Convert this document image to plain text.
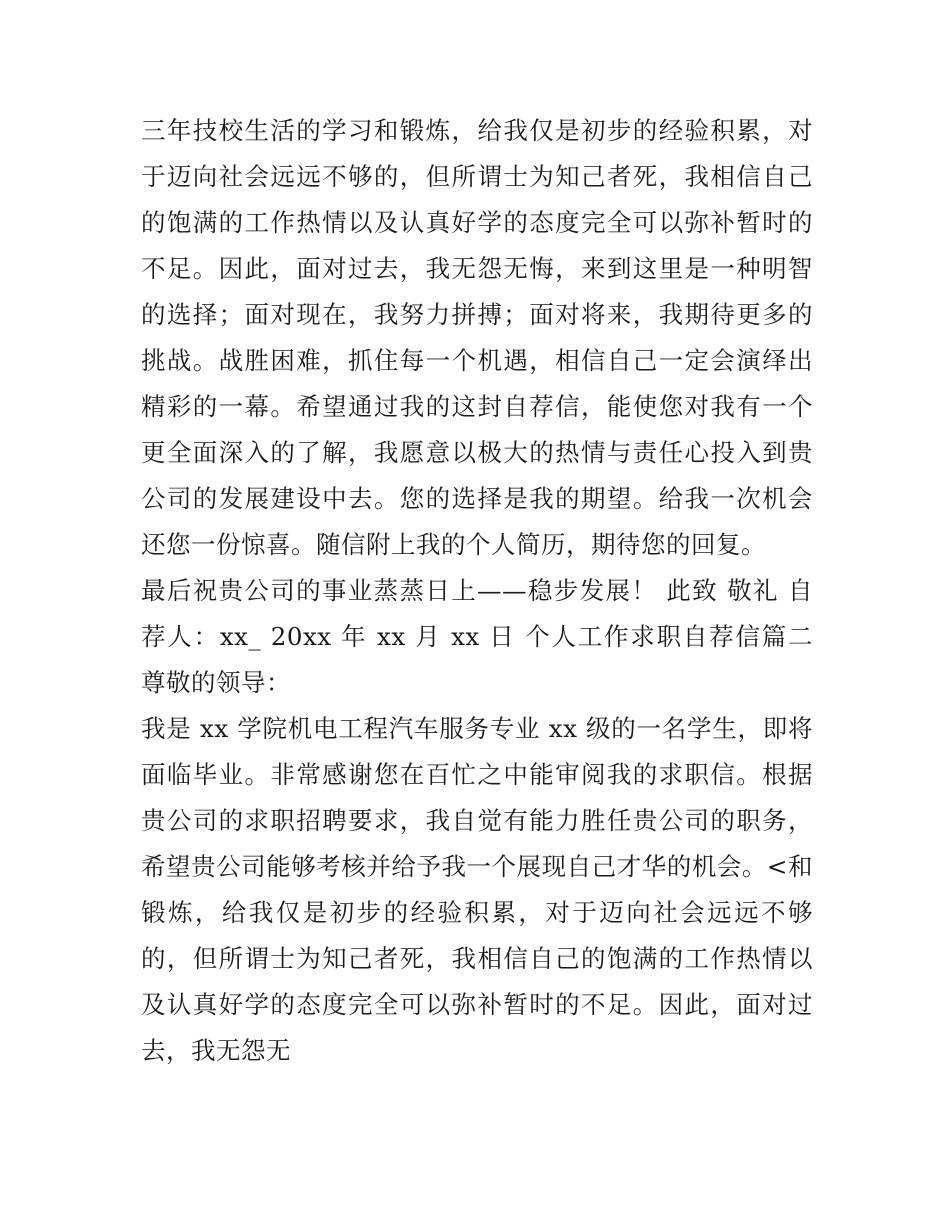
三年技校生活的学习和锻炼，给我仅是初步的经验积累，对于迈向社会远远不够的，但所谓士为知己者死，我相信自己的饱满的工作热情以及认真好学的态度完全可以弥补暂时的不足。因此，面对过去，我无怨无悔，来到这里是一种明智的选择；面对现在，我努力拼搏；面对将来，我期待更多的挑战。战胜困难，抓住每一个机遇，相信自己一定会演绎出精彩的一幕。希望通过我的这封自荐信，能使您对我有一个更全面深入的了解，我愿意以极大的热情与责任心投入到贵公司的发展建设中去。您的选择是我的期望。给我一次机会还您一份惊喜。随信附上我的个人简历，期待您的回复。

最后祝贵公司的事业蒸蒸日上——稳步发展！ 此致 敬礼 自荐人：xx_ 20xx 年 xx 月 xx 日 个人工作求职自荐信篇二 尊敬的领导：

我是 xx 学院机电工程汽车服务专业 xx 级的一名学生，即将面临毕业。非常感谢您在百忙之中能审阅我的求职信。根据贵公司的求职招聘要求，我自觉有能力胜任贵公司的职务，希望贵公司能够考核并给予我一个展现自己才华的机会。<和锻炼，给我仅是初步的经验积累，对于迈向社会远远不够的，但所谓士为知己者死，我相信自己的饱满的工作热情以及认真好学的态度完全可以弥补暂时的不足。因此，面对过去，我无怨无
